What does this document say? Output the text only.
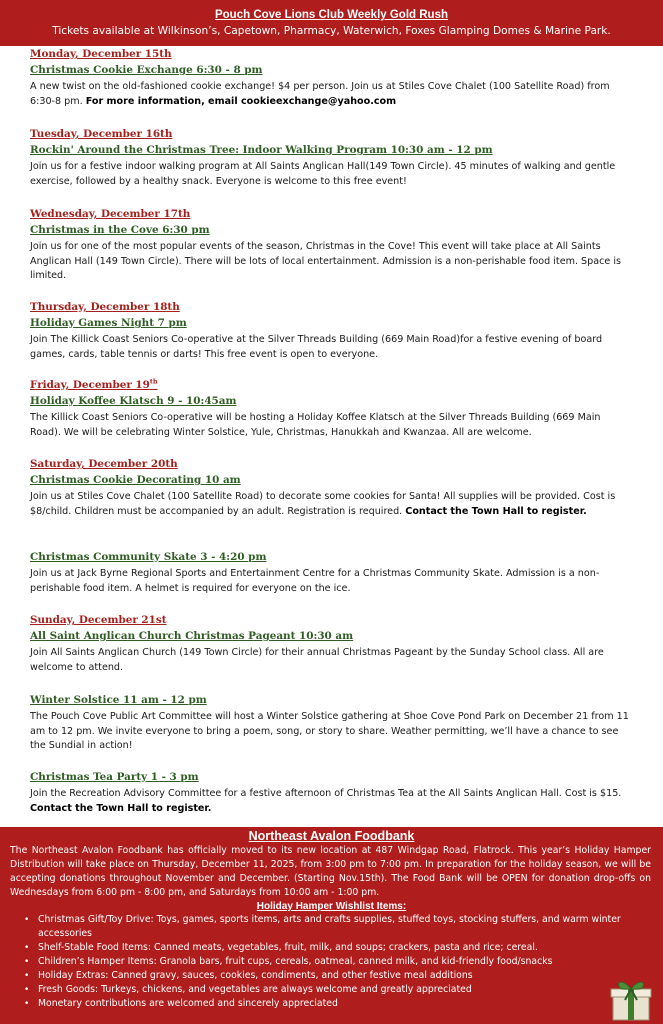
Pouch Cove Lions Club Weekly Gold Rush
Tickets available at Wilkinson’s, Capetown, Pharmacy, Waterwich, Foxes Glamping Domes & Marine Park.
Monday, December 15th
Christmas Cookie Exchange 6:30 - 8 pm
A new twist on the old-fashioned cookie exchange! $4 per person. Join us at Stiles Cove Chalet (100 Satellite Road) from 6:30-8 pm. For more information, email cookieexchange@yahoo.com
Tuesday, December 16th
Rockin' Around the Christmas Tree: Indoor Walking Program 10:30 am - 12 pm
Join us for a festive indoor walking program at All Saints Anglican Hall(149 Town Circle). 45 minutes of walking and gentle exercise, followed by a healthy snack. Everyone is welcome to this free event!
Wednesday, December 17th
Christmas in the Cove 6:30 pm
Join us for one of the most popular events of the season, Christmas in the Cove! This event will take place at All Saints Anglican Hall (149 Town Circle). There will be lots of local entertainment. Admission is a non-perishable food item. Space is limited.
Thursday, December 18th
Holiday Games Night 7 pm
Join The Killick Coast Seniors Co-operative at the Silver Threads Building (669 Main Road)for a festive evening of board games, cards, table tennis or darts! This free event is open to everyone.
Friday, December 19th
Holiday Koffee Klatsch 9 - 10:45am
The Killick Coast Seniors Co-operative will be hosting a Holiday Koffee Klatsch at the Silver Threads Building (669 Main Road). We will be celebrating Winter Solstice, Yule, Christmas, Hanukkah and Kwanzaa. All are welcome.
Saturday, December 20th
Christmas Cookie Decorating 10 am
Join us at Stiles Cove Chalet (100 Satellite Road) to decorate some cookies for Santa! All supplies will be provided. Cost is $8/child. Children must be accompanied by an adult. Registration is required. Contact the Town Hall to register.
Christmas Community Skate 3 - 4:20 pm
Join us at Jack Byrne Regional Sports and Entertainment Centre for a Christmas Community Skate. Admission is a non-perishable food item. A helmet is required for everyone on the ice.
Sunday, December 21st
All Saint Anglican Church Christmas Pageant 10:30 am
Join All Saints Anglican Church (149 Town Circle) for their annual Christmas Pageant by the Sunday School class. All are welcome to attend.
Winter Solstice 11 am - 12 pm
The Pouch Cove Public Art Committee will host a Winter Solstice gathering at Shoe Cove Pond Park on December 21 from 11 am to 12 pm. We invite everyone to bring a poem, song, or story to share. Weather permitting, we’ll have a chance to see the Sundial in action!
Christmas Tea Party 1 - 3 pm
Join the Recreation Advisory Committee for a festive afternoon of Christmas Tea at the All Saints Anglican Hall. Cost is $15. Contact the Town Hall to register.
Northeast Avalon Foodbank
The Northeast Avalon Foodbank has officially moved to its new location at 487 Windgap Road, Flatrock. This year’s Holiday Hamper Distribution will take place on Thursday, December 11, 2025, from 3:00 pm to 7:00 pm. In preparation for the holiday season, we will be accepting donations throughout November and December. (Starting Nov.15th). The Food Bank will be OPEN for donation drop-offs on Wednesdays from 6:00 pm - 8:00 pm, and Saturdays from 10:00 am - 1:00 pm.
Holiday Hamper Wishlist Items:
• Christmas Gift/Toy Drive: Toys, games, sports items, arts and crafts supplies, stuffed toys, stocking stuffers, and warm winter accessories
• Shelf-Stable Food Items: Canned meats, vegetables, fruit, milk, and soups; crackers, pasta and rice; cereal.
• Children’s Hamper Items: Granola bars, fruit cups, cereals, oatmeal, canned milk, and kid-friendly food/snacks
• Holiday Extras: Canned gravy, sauces, cookies, condiments, and other festive meal additions
• Fresh Goods: Turkeys, chickens, and vegetables are always welcome and greatly appreciated
• Monetary contributions are welcomed and sincerely appreciated
